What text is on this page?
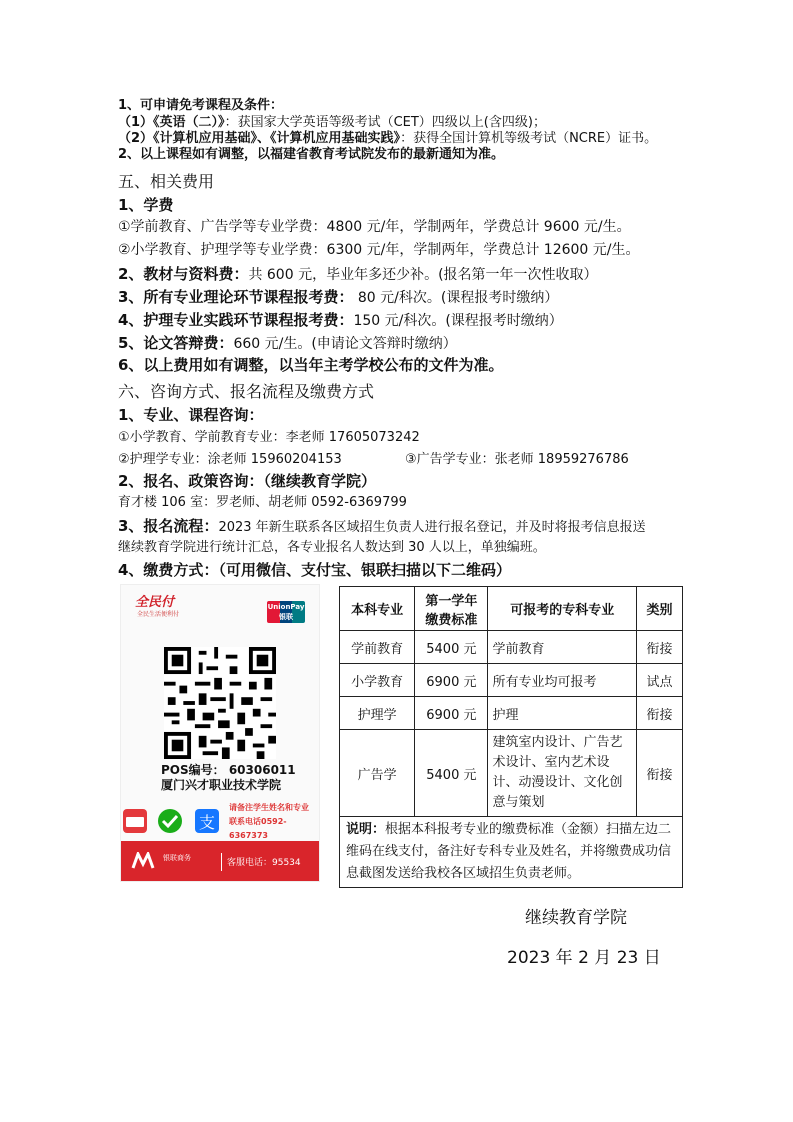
1、可申请免考课程及条件：
（1）《英语（二）》：获国家大学英语等级考试（CET）四级以上(含四级)；
（2）《计算机应用基础》、《计算机应用基础实践》：获得全国计算机等级考试（NCRE）证书。
2、以上课程如有调整，以福建省教育考试院发布的最新通知为准。
五、相关费用
1、学费
①学前教育、广告学等专业学费：4800 元/年，学制两年，学费总计 9600 元/生。
②小学教育、护理学等专业学费：6300 元/年，学制两年，学费总计 12600 元/生。
2、教材与资料费：共 600 元，毕业年多还少补。(报名第一年一次性收取）
3、所有专业理论环节课程报考费： 80 元/科次。(课程报考时缴纳）
4、护理专业实践环节课程报考费：150 元/科次。(课程报考时缴纳）
5、论文答辩费：660 元/生。(申请论文答辩时缴纳）
6、以上费用如有调整，以当年主考学校公布的文件为准。
六、咨询方式、报名流程及缴费方式
1、专业、课程咨询：
①小学教育、学前教育专业：李老师 17605073242
②护理学专业：涂老师 15960204153	③广告学专业：张老师 18959276786
2、报名、政策咨询：（继续教育学院）
育才楼 106 室：罗老师、胡老师 0592-6369799
3、报名流程：2023 年新生联系各区域招生负责人进行报名登记，并及时将报考信息报送
继续教育学院进行统计汇总，各专业报名人数达到 30 人以上，单独编班。
4、缴费方式：（可用微信、支付宝、银联扫描以下二维码）
全民付
全民生活便利付
UnionPay 银联
POS编号： 60306011
厦门兴才职业技术学院
支
请备注学生姓名和专业
联系电话0592-6367373
银联商务	客服电话：95534
本科专业	第一学年缴费标准	可报考的专科专业	类别
学前教育	5400 元	学前教育	衔接
小学教育	6900 元	所有专业均可报考	试点
护理学	6900 元	护理	衔接
广告学	5400 元	建筑室内设计、广告艺术设计、室内艺术设计、动漫设计、文化创意与策划	衔接
说明：根据本科报考专业的缴费标准（金额）扫描左边二维码在线支付，备注好专科专业及姓名，并将缴费成功信息截图发送给我校各区域招生负责老师。			
继续教育学院
2023 年 2 月 23 日
